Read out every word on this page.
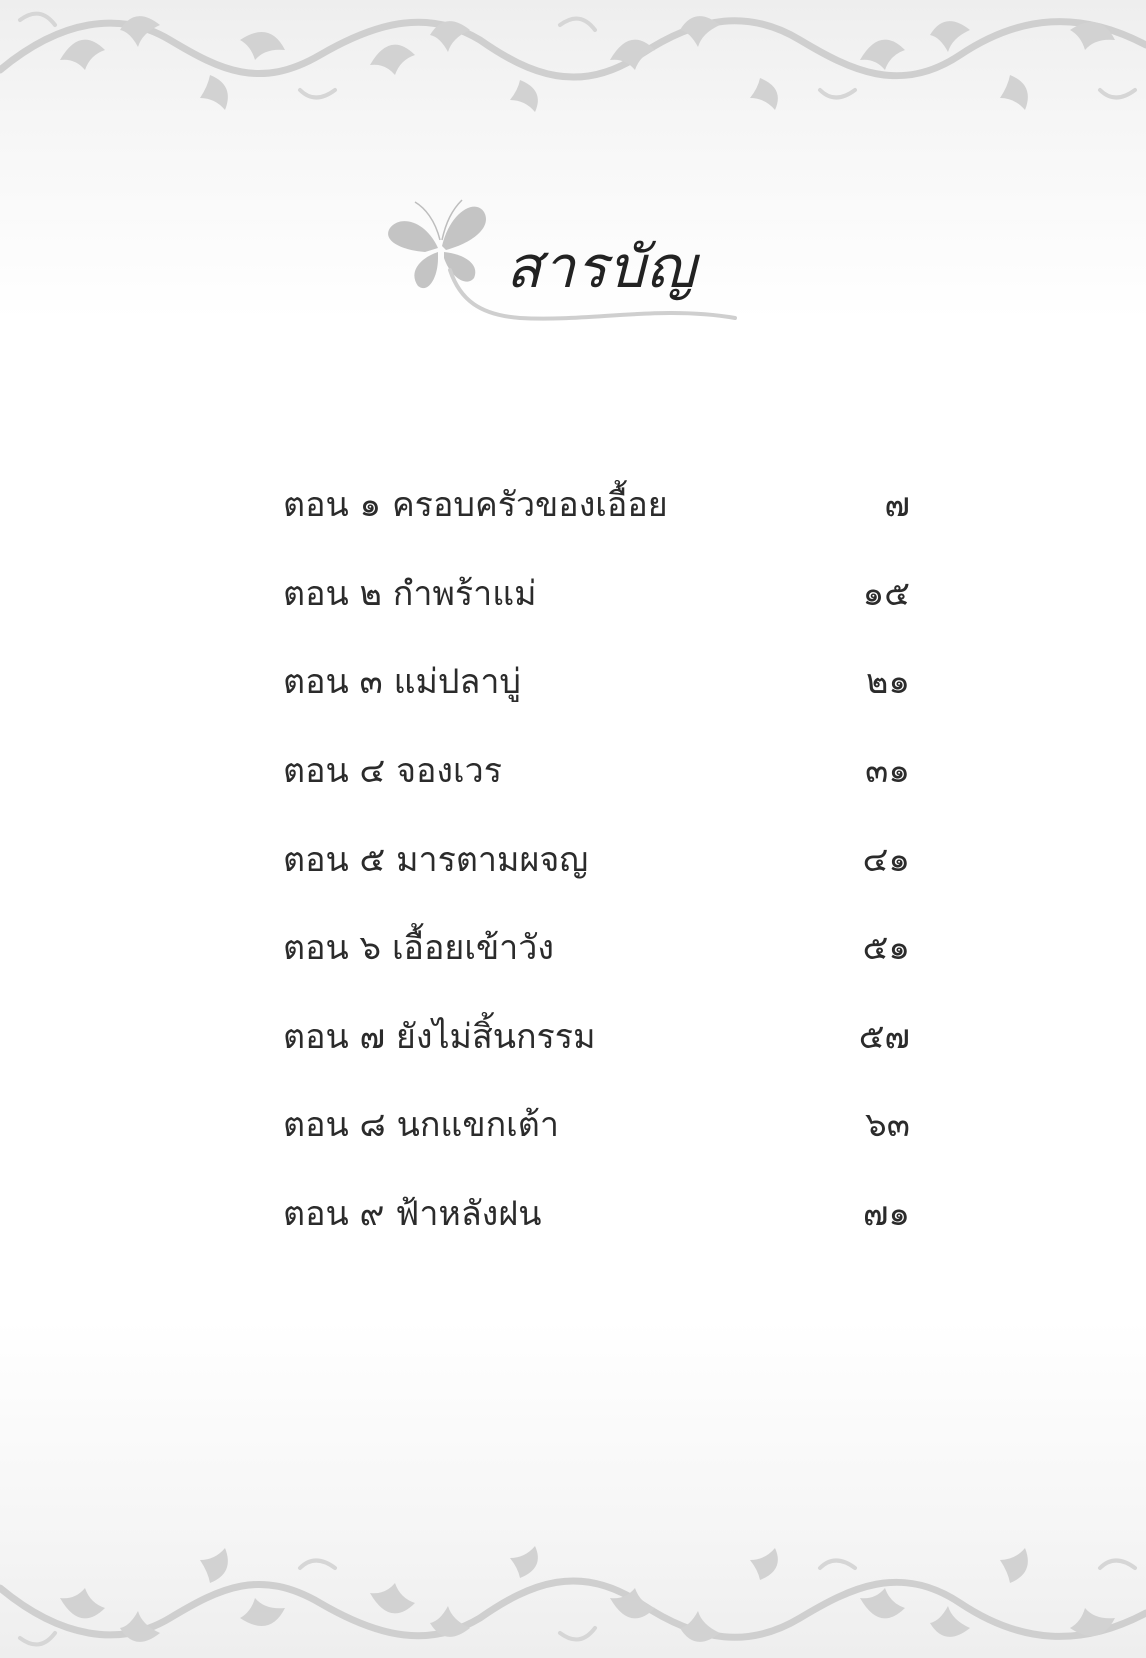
สารบัญ
ตอน ๑ ครอบครัวของเอื้อย	๗
ตอน ๒ กำพร้าแม่	๑๕
ตอน ๓ แม่ปลาบู่	๒๑
ตอน ๔ จองเวร	๓๑
ตอน ๕ มารตามผจญ	๔๑
ตอน ๖ เอื้อยเข้าวัง	๕๑
ตอน ๗ ยังไม่สิ้นกรรม	๕๗
ตอน ๘ นกแขกเต้า	๖๓
ตอน ๙ ฟ้าหลังฝน	๗๑
